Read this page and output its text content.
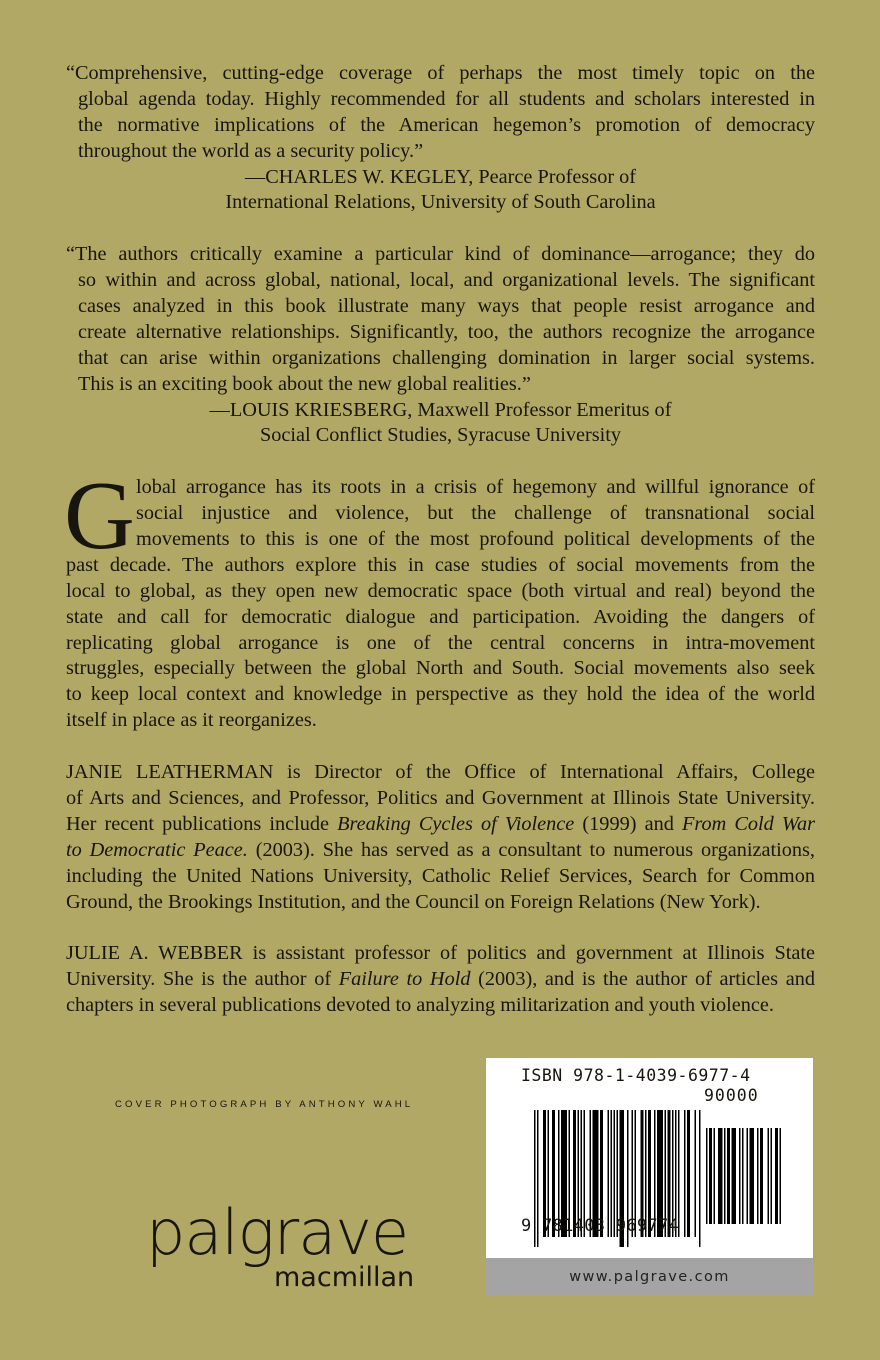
“Comprehensive, cutting-edge coverage of perhaps the most timely topic on the
global agenda today. Highly recommended for all students and scholars interested in
the normative implications of the American hegemon’s promotion of democracy
throughout the world as a security policy.”
—CHARLES W. KEGLEY, Pearce Professor of
International Relations, University of South Carolina
“The authors critically examine a particular kind of dominance—arrogance; they do
so within and across global, national, local, and organizational levels. The significant
cases analyzed in this book illustrate many ways that people resist arrogance and
create alternative relationships. Significantly, too, the authors recognize the arrogance
that can arise within organizations challenging domination in larger social systems.
This is an exciting book about the new global realities.”
—LOUIS KRIESBERG, Maxwell Professor Emeritus of
Social Conflict Studies, Syracuse University
G lobal arrogance has its roots in a crisis of hegemony and willful ignorance of
social injustice and violence, but the challenge of transnational social
movements to this is one of the most profound political developments of the
past decade. The authors explore this in case studies of social movements from the
local to global, as they open new democratic space (both virtual and real) beyond the
state and call for democratic dialogue and participation. Avoiding the dangers of
replicating global arrogance is one of the central concerns in intra-movement
struggles, especially between the global North and South. Social movements also seek
to keep local context and knowledge in perspective as they hold the idea of the world
itself in place as it reorganizes.
JANIE LEATHERMAN is Director of the Office of International Affairs, College
of Arts and Sciences, and Professor, Politics and Government at Illinois State University.
Her recent publications include Breaking Cycles of Violence (1999) and From Cold War
to Democratic Peace. (2003). She has served as a consultant to numerous organizations,
including the United Nations University, Catholic Relief Services, Search for Common
Ground, the Brookings Institution, and the Council on Foreign Relations (New York).
JULIE A. WEBBER is assistant professor of politics and government at Illinois State
University. She is the author of Failure to Hold (2003), and is the author of articles and
chapters in several publications devoted to analyzing militarization and youth violence.
COVER PHOTOGRAPH BY ANTHONY WAHL
palgrave
macmillan
ISBN 978-1-4039-6977-4
90000
9 781403 969774
www.palgrave.com
